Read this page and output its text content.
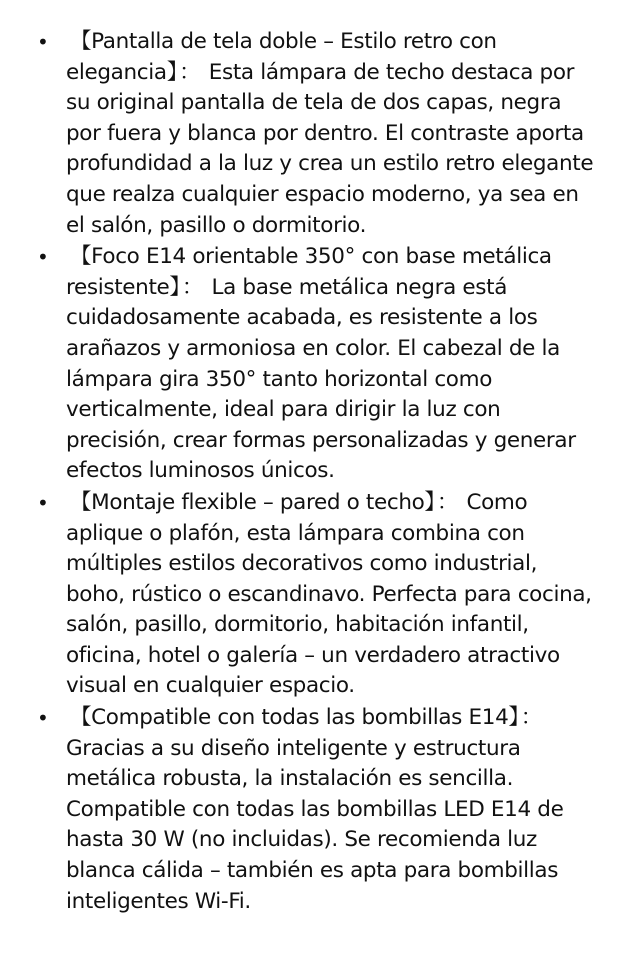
• 【Pantalla de tela doble – Estilo retro con elegancia】： Esta lámpara de techo destaca por su original pantalla de tela de dos capas, negra por fuera y blanca por dentro. El contraste aporta profundidad a la luz y crea un estilo retro elegante que realza cualquier espacio moderno, ya sea en el salón, pasillo o dormitorio.
• 【Foco E14 orientable 350° con base metálica resistente】： La base metálica negra está cuidadosamente acabada, es resistente a los arañazos y armoniosa en color. El cabezal de la lámpara gira 350° tanto horizontal como verticalmente, ideal para dirigir la luz con precisión, crear formas personalizadas y generar efectos luminosos únicos.
• 【Montaje flexible – pared o techo】： Como aplique o plafón, esta lámpara combina con múltiples estilos decorativos como industrial, boho, rústico o escandinavo. Perfecta para cocina, salón, pasillo, dormitorio, habitación infantil, oficina, hotel o galería – un verdadero atractivo visual en cualquier espacio.
• 【Compatible con todas las bombillas E14】： Gracias a su diseño inteligente y estructura metálica robusta, la instalación es sencilla. Compatible con todas las bombillas LED E14 de hasta 30 W (no incluidas). Se recomienda luz blanca cálida – también es apta para bombillas inteligentes Wi-Fi.
